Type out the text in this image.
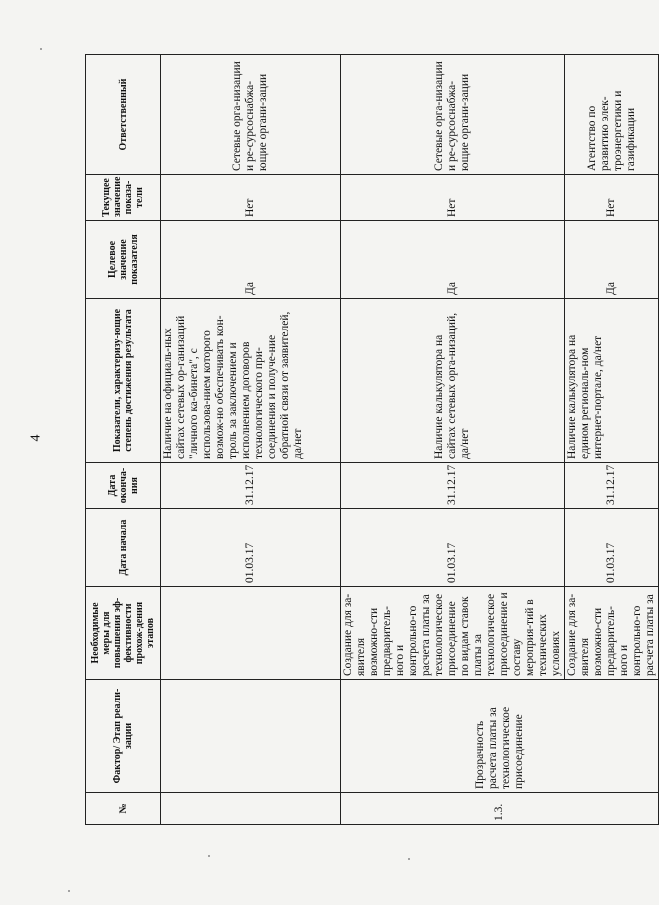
4
№	Фактор/ Этап реали-зации	Необходимые меры для повышения эф-фективности прохож-дения этапов	Дата начала	Дата оконча-ния	Показатели, характеризу-ющие степень достижения результата	Целевое значение показателя	Текущее значение показа-тели	Ответственный
			01.03.17	31.12.17	Наличие на официаль-ных сайтах сетевых ор-ганизаций "личного ка-бинета", с использова-нием которого возмож-но обеспечивать кон-троль за заключением и исполнением договоров технологического при-соединения и получе-ние обратной связи от заявителей, да/нет	Да	Нет	Сетевые орга-низации и ре-сурсоснабжа-ющие органи-зации
1.3.	Прозрачность расчета платы за технологическое присоединение	Создание для за-явителя возможно-сти предваритель-ного и контрольно-го расчета платы за технологическое присоединение по видам ставок платы за технологическое присоединение и составу мероприя-тий в технических условиях	01.03.17	31.12.17	Наличие калькулятора на сайтах сетевых орга-низаций, да/нет	Да	Нет	Сетевые орга-низации и ре-сурсоснабжа-ющие органи-зации
		Создание для за-явителя возможно-сти предваритель-ного и контрольно-го расчета платы за	01.03.17	31.12.17	Наличие калькулятора на едином региональ-ном интернет-портале, да/нет	Да	Нет	Агентство по развитию элек-троэнергетики и газификации
